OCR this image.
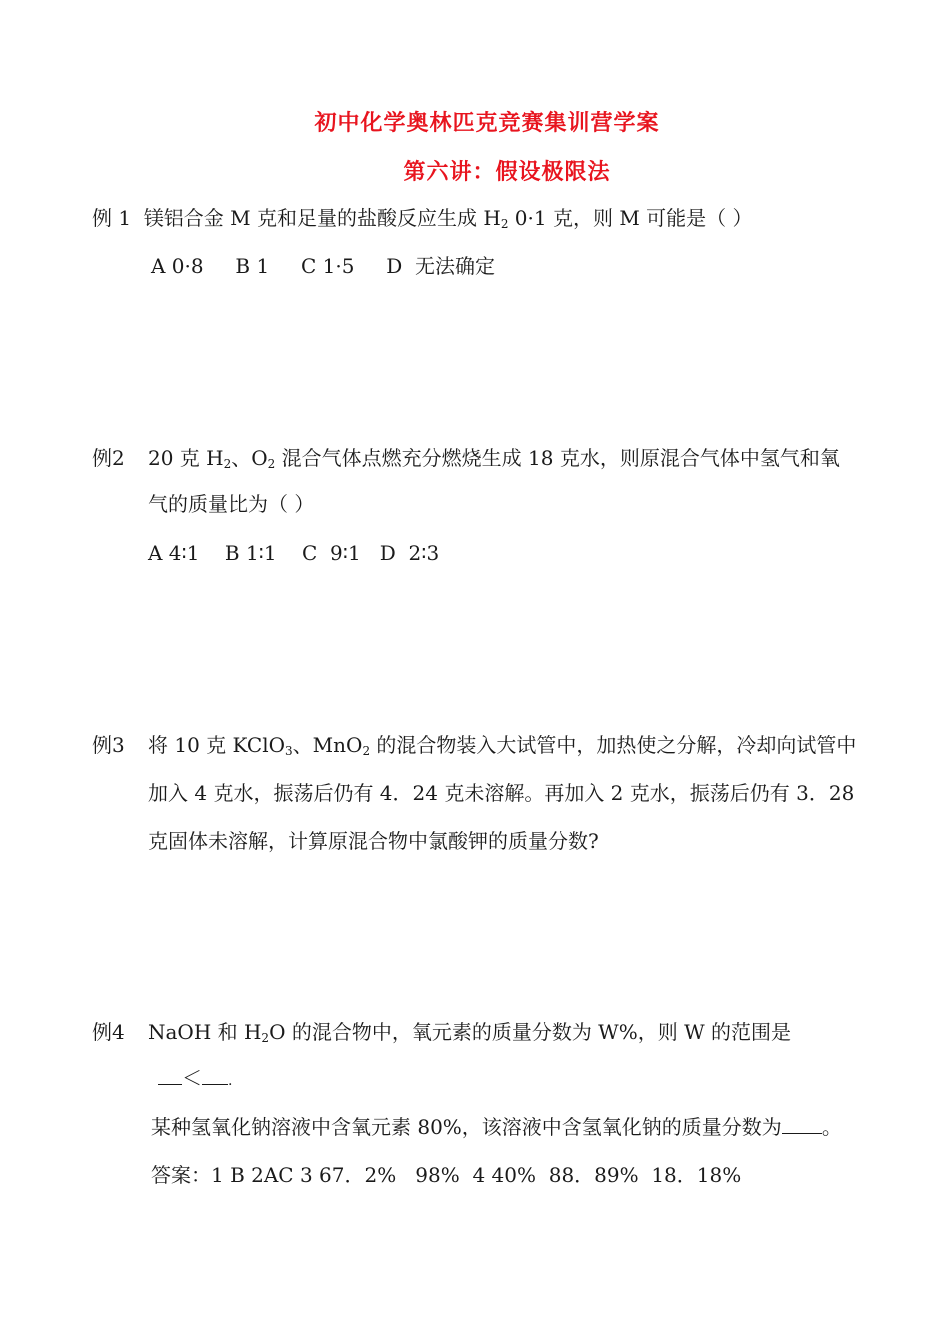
初中化学奥林匹克竞赛集训营学案
第六讲：假设极限法
例 1 镁铝合金 M 克和足量的盐酸反应生成 $H_2$ 0·1 克，则 M 可能是（ ）
A 0·8     B 1     C 1·5     D  无法确定
例2 20 克 $H_2$、$O_2$ 混合气体点燃充分燃烧生成 18 克水，则原混合气体中氢气和氧
气的质量比为（ ）
A 4∶1    B 1∶1    C  9∶1   D  2∶3
例3 将 10 克 KClO$_3$、MnO$_2$ 的混合物装入大试管中，加热使之分解，冷却向试管中
加入 4 克水，振荡后仍有 4．24 克未溶解。再加入 2 克水，振荡后仍有 3．28
克固体未溶解，计算原混合物中氯酸钾的质量分数?
例4 NaOH 和 $H_2O$ 的混合物中，氧元素的质量分数为 W%，则 W 的范围是
＜ .
某种氢氧化钠溶液中含氧元素 80%，该溶液中含氢氧化钠的质量分数为 。
答案：1 B 2AC 3 67．2%   98%  4 40%  88．89%  18．18%
